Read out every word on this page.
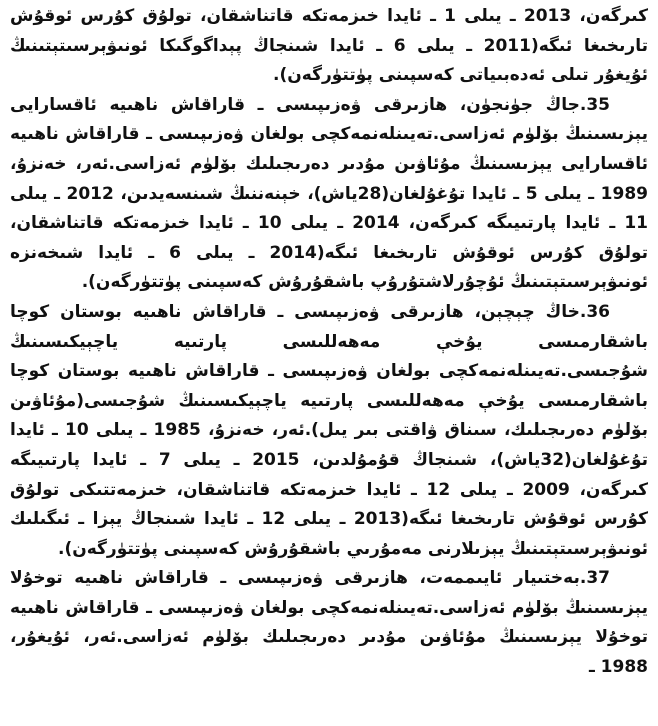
كىرگەن، 2013 ـ يىلى 1 ـ ئايدا خىزمەتكە قاتناشقان، تولۇق كۇرس ئوقۇش تارىخىغا ئىگە(2011 ـ يىلى 6 ـ ئايدا شىنجاڭ پېداگوگىكا ئونىۋېرسىتېتىنىڭ ئۇيغۇر تىلى ئەدەبىياتى كەسپىنى پۈتتۈرگەن).

35.جاڭ جۈنجۈن، ھازىرقى ۋەزىپىسى ـ قاراقاش ناھىيە ئاقسارايى يېزىسىنىڭ بۆلۈم ئەزاسى.تەيىنلەنمەكچى بولغان ۋەزىپىسى ـ قاراقاش ناھىيە ئاقسارايى يېزىسىنىڭ مۇئاۋىن مۇدىر دەرىجىلىك بۆلۈم ئەزاسى.ئەر، خەنزۇ، 1989 ـ يىلى 5 ـ ئايدا تۇغۇلغان(28ياش)، خېنەننىڭ شىنسەيدىن، 2012 ـ يىلى 11 ـ ئايدا پارتىيىگە كىرگەن، 2014 ـ يىلى 10 ـ ئايدا خىزمەتكە قاتناشقان، تولۇق كۇرس ئوقۇش تارىخىغا ئىگە(2014 ـ يىلى 6 ـ ئايدا شىخەنزە ئونىۋېرسىتېتىنىڭ ئۇچۇرلاشتۇرۇپ باشقۇرۇش كەسپىنى پۈتتۈرگەن).

36.خاڭ چېچېن، ھازىرقى ۋەزىپىسى ـ قاراقاش ناھىيە بوستان كوچا باشقارمىسى يۇخې مەھەللىسى پارتىيە ياچېيكىسىنىڭ شۇجىسى.تەيىنلەنمەكچى بولغان ۋەزىپىسى ـ قاراقاش ناھىيە بوستان كوچا باشقارمىسى يۇخې مەھەللىسى پارتىيە ياچېيكىسىنىڭ شۇجىسى(مۇئاۋىن بۆلۈم دەرىجىلىك، سىناق ۋاقتى بىر يىل).ئەر، خەنزۇ، 1985 ـ يىلى 10 ـ ئايدا تۇغۇلغان(32ياش)، شىنجاڭ قۇمۇلدىن، 2015 ـ يىلى 7 ـ ئايدا پارتىيىگە كىرگەن، 2009 ـ يىلى 12 ـ ئايدا خىزمەتكە قاتناشقان، خىزمەتتىكى تولۇق كۇرس ئوقۇش تارىخىغا ئىگە(2013 ـ يىلى 12 ـ ئايدا شىنجاڭ يېزا ـ ئىگىلىك ئونىۋېرسىتېتىنىڭ يېزىلارنى مەمۇرىي باشقۇرۇش كەسپىنى پۈتتۈرگەن).

37.بەختىيار ئايىممەت، ھازىرقى ۋەزىپىسى ـ قاراقاش ناھىيە توخۇلا يېزىسىنىڭ بۆلۈم ئەزاسى.تەيىنلەنمەكچى بولغان ۋەزىپىسى ـ قاراقاش ناھىيە توخۇلا يېزىسىنىڭ مۇئاۋىن مۇدىر دەرىجىلىك بۆلۈم ئەزاسى.ئەر، ئۇيغۇر، 1988 ـ
